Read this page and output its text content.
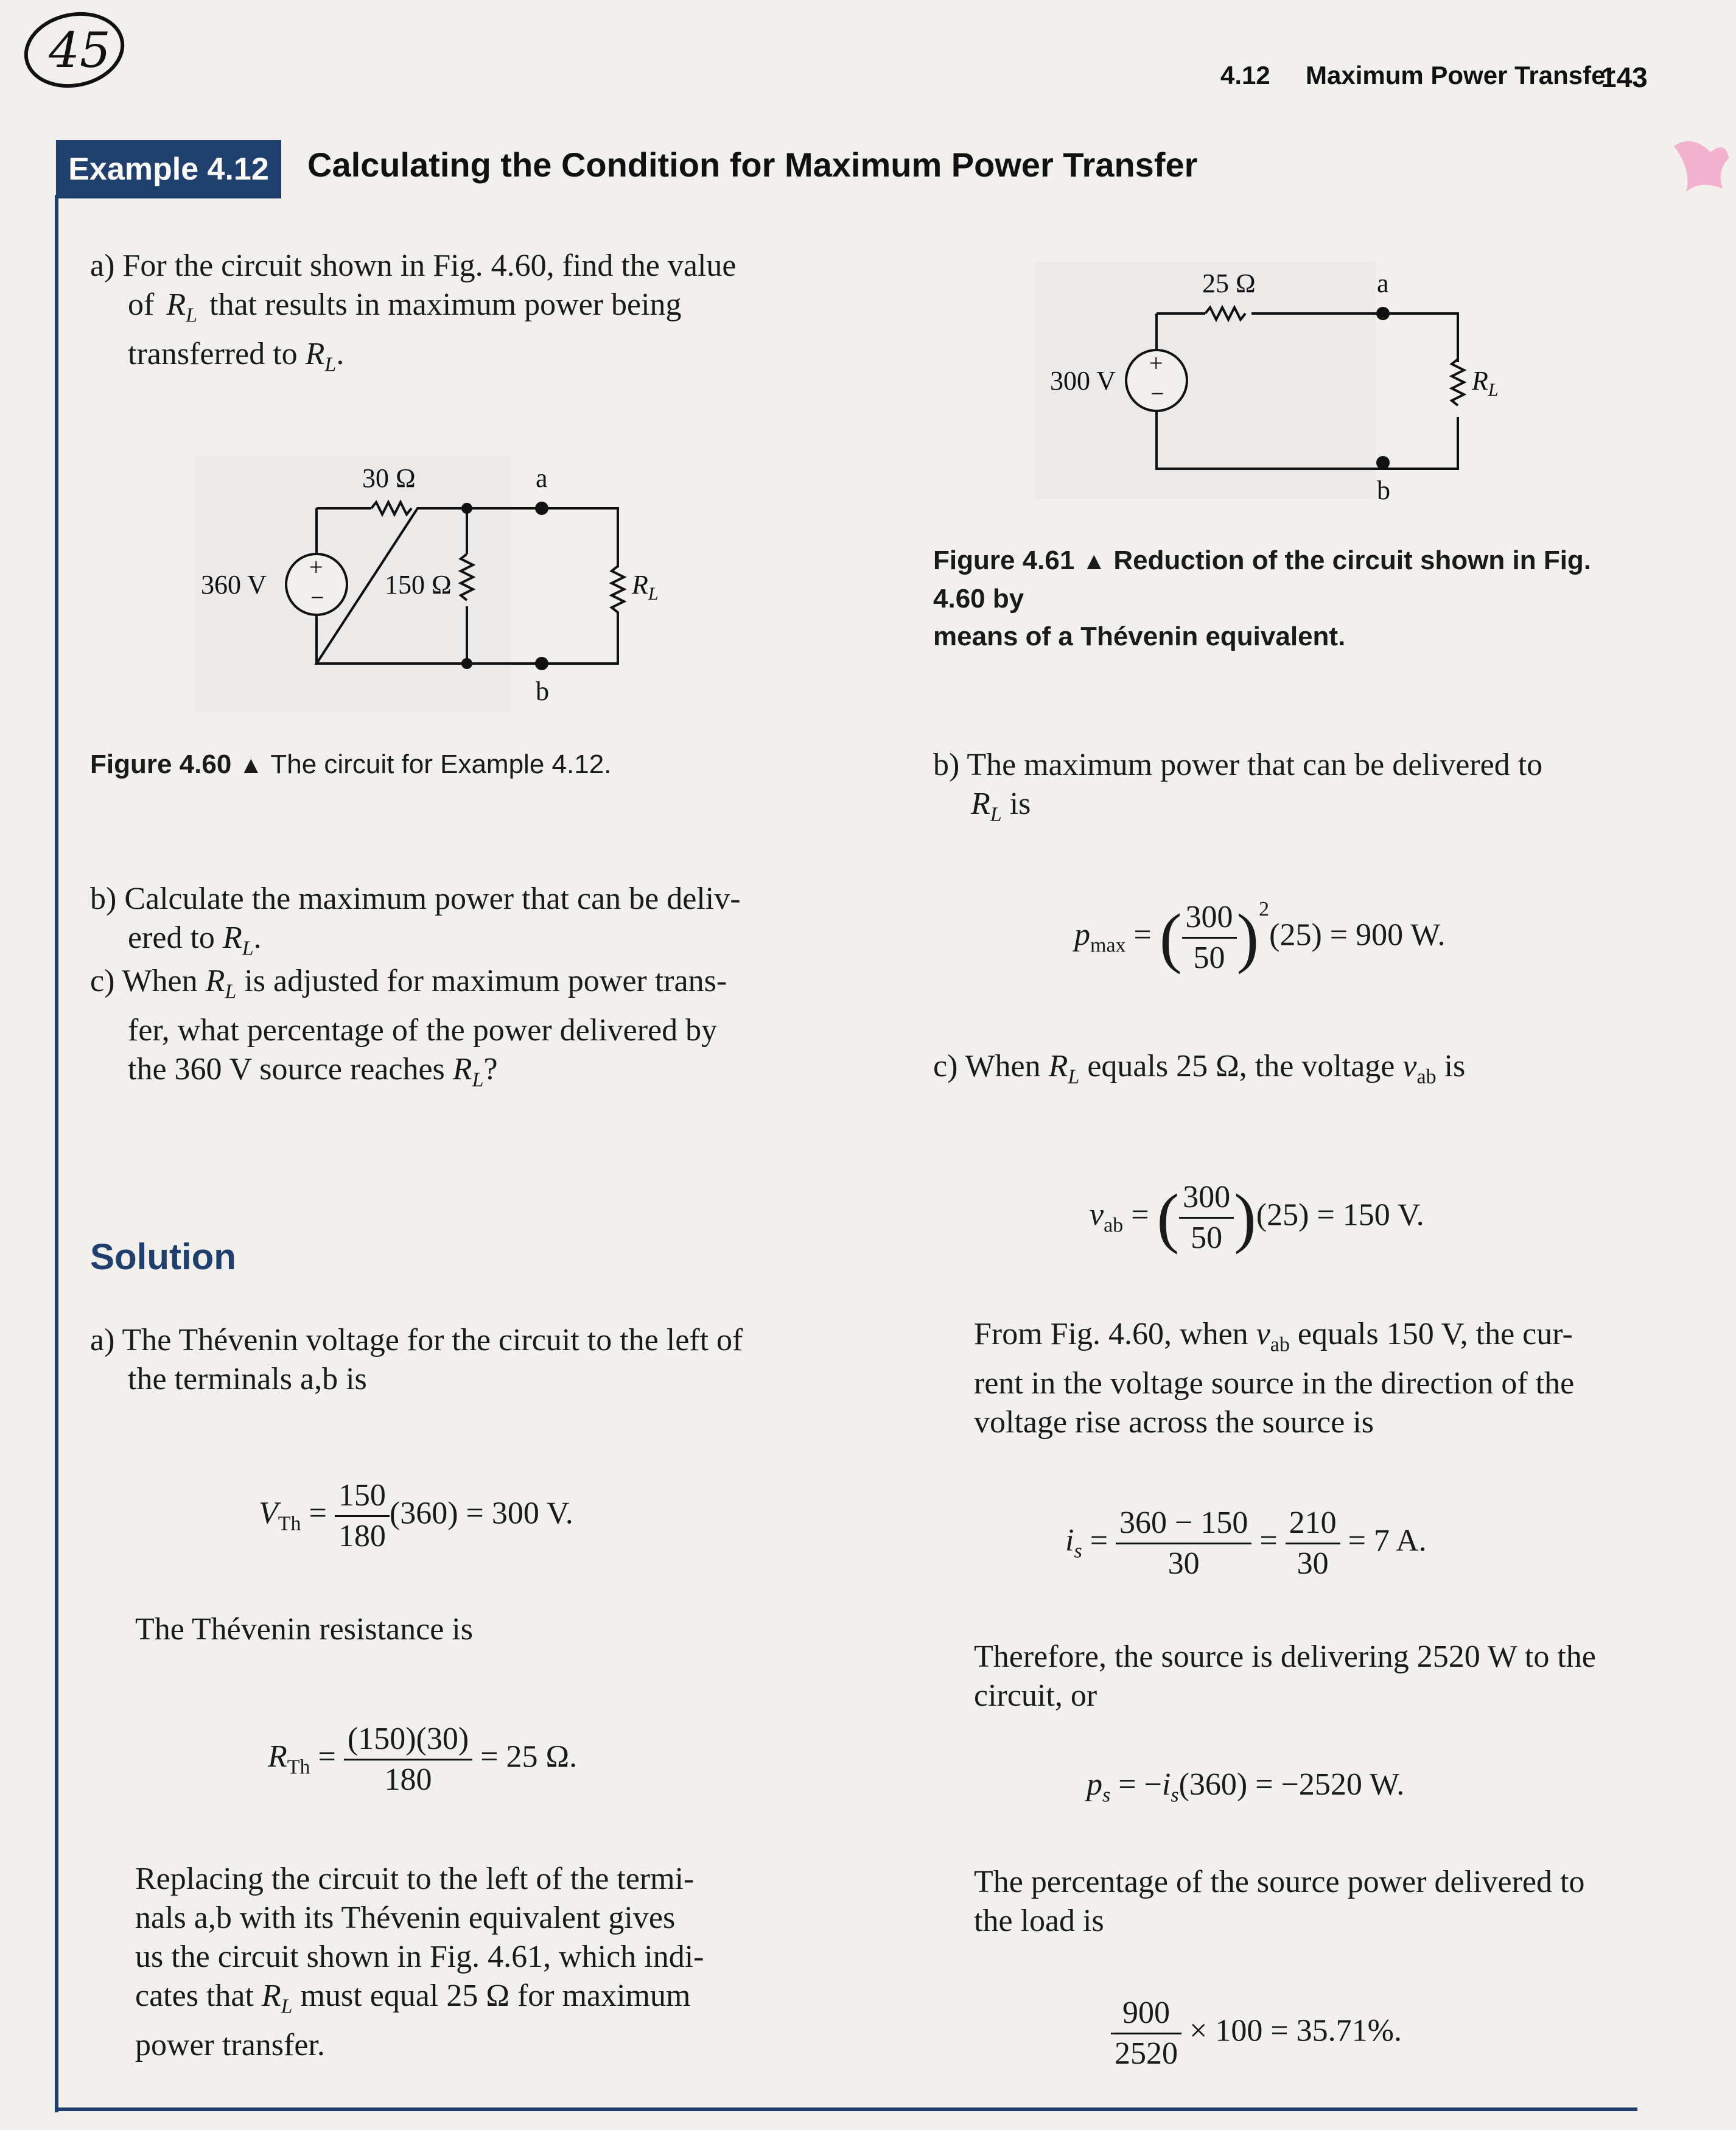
45	4.12 Maximum Power Transfer
143
Example 4.12	Calculating the Condition for Maximum Power Transfer
a) For the circuit shown in Fig. 4.60, find the value
of $R_L$ that results in maximum power being
transferred to $R_L$.
+
−
30 Ω	a
b
360 V	150 Ω	$R_L$
Figure 4.60 ▲ The circuit for Example 4.12.
b) Calculate the maximum power that can be deliv-
ered to $R_L$.
c) When $R_L$ is adjusted for maximum power trans-
fer, what percentage of the power delivered by
the 360 V source reaches $R_L$?
Solution
a) The Thévenin voltage for the circuit to the left of
the terminals a,b is
$V_{Th} = \frac{150}{180} (360) = 300$ V.
The Thévenin resistance is
$R_{Th} = \frac{(150)(30)}{180} = 25$ Ω.
Replacing the circuit to the left of the termi-
nals a,b with its Thévenin equivalent gives
us the circuit shown in Fig. 4.61, which indi-
cates that $R_L$ must equal 25 Ω for maximum
power transfer.
+
−
25 Ω	a
b
300 V	$R_L$
Figure 4.61 ▲ Reduction of the circuit shown in Fig. 4.60 by
means of a Thévenin equivalent.
b) The maximum power that can be delivered to
$R_L$ is
$p_{max}$ = ( $\frac{300}{50} )^2(25) = 900$ W.
c) When $R_L$ equals 25 Ω, the voltage $v_{ab}$ is
$v_{ab}$ = ( $\frac{300}{50} )(25) = 150$ V.
From Fig. 4.60, when $v_{ab}$ equals 150 V, the cur-
rent in the voltage source in the direction of the
voltage rise across the source is
$i_s = \frac{360 - 150}{30} = \frac{210}{30} = 7$ A.
Therefore, the source is delivering 2520 W to the
circuit, or
$p_s = -i_s(360) = -2520$ W.
The percentage of the source power delivered to
the load is
$\frac{900}{2520} \times 100 = 35.71\%$.
